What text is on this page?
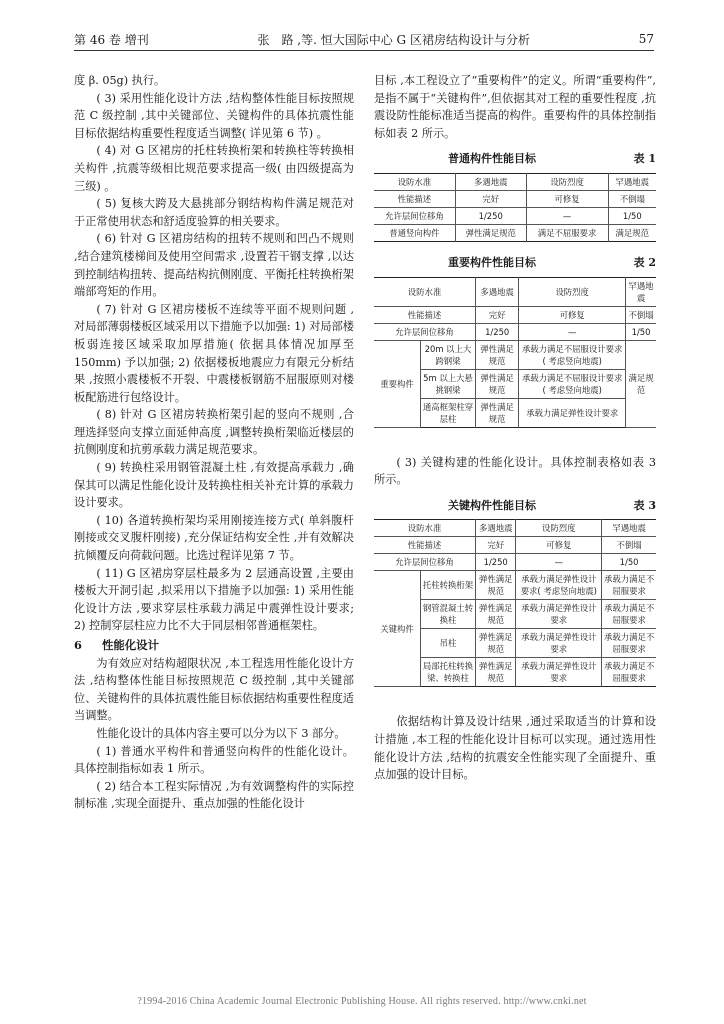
第 46 卷 增刊	张　路 ,等. 恒大国际中心 G 区裙房结构设计与分析	57

度 β. 05g) 执行。

( 3) 采用性能化设计方法 ,结构整体性能目标按照规范 C 级控制 ,其中关键部位、关键构件的具体抗震性能目标依据结构重要性程度适当调整( 详见第 6 节) 。

( 4) 对 G 区裙房的托柱转换桁架和转换柱等转换相关构件 ,抗震等级相比规范要求提高一级( 由四级提高为三级) 。

( 5) 复核大跨及大悬挑部分钢结构构件满足规范对于正常使用状态和舒适度验算的相关要求。

( 6) 针对 G 区裙房结构的扭转不规则和凹凸不规则 ,结合建筑楼梯间及使用空间需求 ,设置若干钢支撑 ,以达到控制结构扭转、提高结构抗侧刚度、平衡托柱转换桁架端部弯矩的作用。

( 7) 针对 G 区裙房楼板不连续等平面不规则问题 ,对局部薄弱楼板区域采用以下措施予以加强: 1) 对局部楼板弱连接区域采取加厚措施( 依据具体情况加厚至 150mm) 予以加强; 2) 依据楼板地震应力有限元分析结果 ,按照小震楼板不开裂、中震楼板钢筋不屈服原则对楼板配筋进行包络设计。

( 8) 针对 G 区裙房转换桁架引起的竖向不规则 ,合理选择竖向支撑立面延伸高度 ,调整转换桁架临近楼层的抗侧刚度和抗剪承载力满足规范要求。

( 9) 转换柱采用钢管混凝土柱 ,有效提高承载力 ,确保其可以满足性能化设计及转换柱相关补充计算的承载力设计要求。

( 10) 各道转换桁架均采用刚接连接方式( 单斜腹杆刚接或交叉腹杆刚接) ,充分保证结构安全性 ,并有效解决抗倾覆反向荷载问题。比选过程详见第 7 节。

( 11) G 区裙房穿层柱最多为 2 层通高设置 ,主要由楼板大开洞引起 ,拟采用以下措施予以加强: 1) 采用性能化设计方法 ,要求穿层柱承载力满足中震弹性设计要求; 2) 控制穿层柱应力比不大于同层相邻普通框架柱。

6 性能化设计

为有效应对结构超限状况 ,本工程选用性能化设计方法 ,结构整体性能目标按照规范 C 级控制 ,其中关键部位、关键构件的具体抗震性能目标依据结构重要性程度适当调整。

性能化设计的具体内容主要可以分为以下 3 部分。

( 1) 普通水平构件和普通竖向构件的性能化设计。具体控制指标如表 1 所示。

( 2) 结合本工程实际情况 ,为有效调整构件的实际控制标准 ,实现全面提升、重点加强的性能化设计

目标 ,本工程设立了“重要构件”的定义。所谓“重要构件”,是指不属于“关键构件”,但依据其对工程的重要性程度 ,抗震设防性能标准适当提高的构件。重要构件的具体控制指标如表 2 所示。

普通构件性能目标	表 1
设防水准	多遇地震	设防烈度	罕遇地震
性能描述	完好	可修复	不倒塌
允许层间位移角	1/250	—	1/50
普通竖向构件	弹性满足规范	满足不屈服要求	满足规范
重要构件性能目标	表 2
设防水准		多遇地震	设防烈度	罕遇地震
性能描述		完好	可修复	不倒塌
允许层间位移角		1/250	—	1/50
重要构件	20m 以上大跨钢梁	弹性满足规范	承载力满足不屈服设计要求( 考虑竖向地震)	满足规范
	5m 以上大悬挑钢梁	弹性满足规范	承载力满足不屈服设计要求( 考虑竖向地震)	
	通高框架柱穿层柱	弹性满足规范	承载力满足弹性设计要求	

( 3) 关键构建的性能化设计。具体控制表格如表 3 所示。

关键构件性能目标	表 3
设防水准		多遇地震	设防烈度	罕遇地震
性能描述		完好	可修复	不倒塌
允许层间位移角		1/250	—	1/50
关键构件	托柱转换桁架	弹性满足规范	承载力满足弹性设计要求( 考虑竖向地震)	承载力满足不屈服要求
	钢管混凝土转换柱	弹性满足规范	承载力满足弹性设计要求	承载力满足不屈服要求
	吊柱	弹性满足规范	承载力满足弹性设计要求	承载力满足不屈服要求
	局部托柱转换梁、转换柱	弹性满足规范	承载力满足弹性设计要求	承载力满足不屈服要求

依据结构计算及设计结果 ,通过采取适当的计算和设计措施 ,本工程的性能化设计目标可以实现。通过选用性能化设计方法 ,结构的抗震安全性能实现了全面提升、重点加强的设计目标。

?1994-2016 China Academic Journal Electronic Publishing House. All rights reserved. http://www.cnki.net
